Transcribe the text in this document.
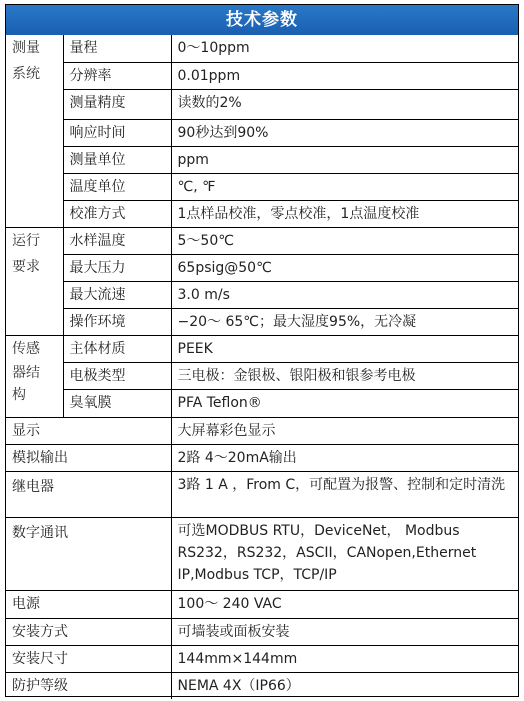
技术参数
测量
系统	量程	0～10ppm
	分辨率	0.01ppm
	测量精度	读数的2%
	响应时间	90秒达到90%
	测量单位	ppm
	温度单位	℃, ℉
	校准方式	1点样品校准，零点校准，1点温度校准

运行
要求	水样温度	5～50℃
	最大压力	65psig@50℃
	最大流速	3.0 m/s
	操作环境	−20～ 65℃；最大湿度95%，无冷凝

传感
器结
构	主体材质	PEEK
	电极类型	三电极：金银极、银阳极和银参考电极
	臭氧膜	PFA Teflon®
显示		大屏幕彩色显示
模拟输出		2路 4～20mA输出
继电器		3路 1 A ，From C，可配置为报警、控制和定时清洗
数字通讯		可选MODBUS RTU，DeviceNet， Modbus RS232，RS232，ASCII，CANopen,Ethernet IP,Modbus TCP，TCP/IP
电源		100～ 240 VAC
安装方式		可墙装或面板安装
安装尺寸		144mm×144mm
防护等级		NEMA 4X（IP66）
